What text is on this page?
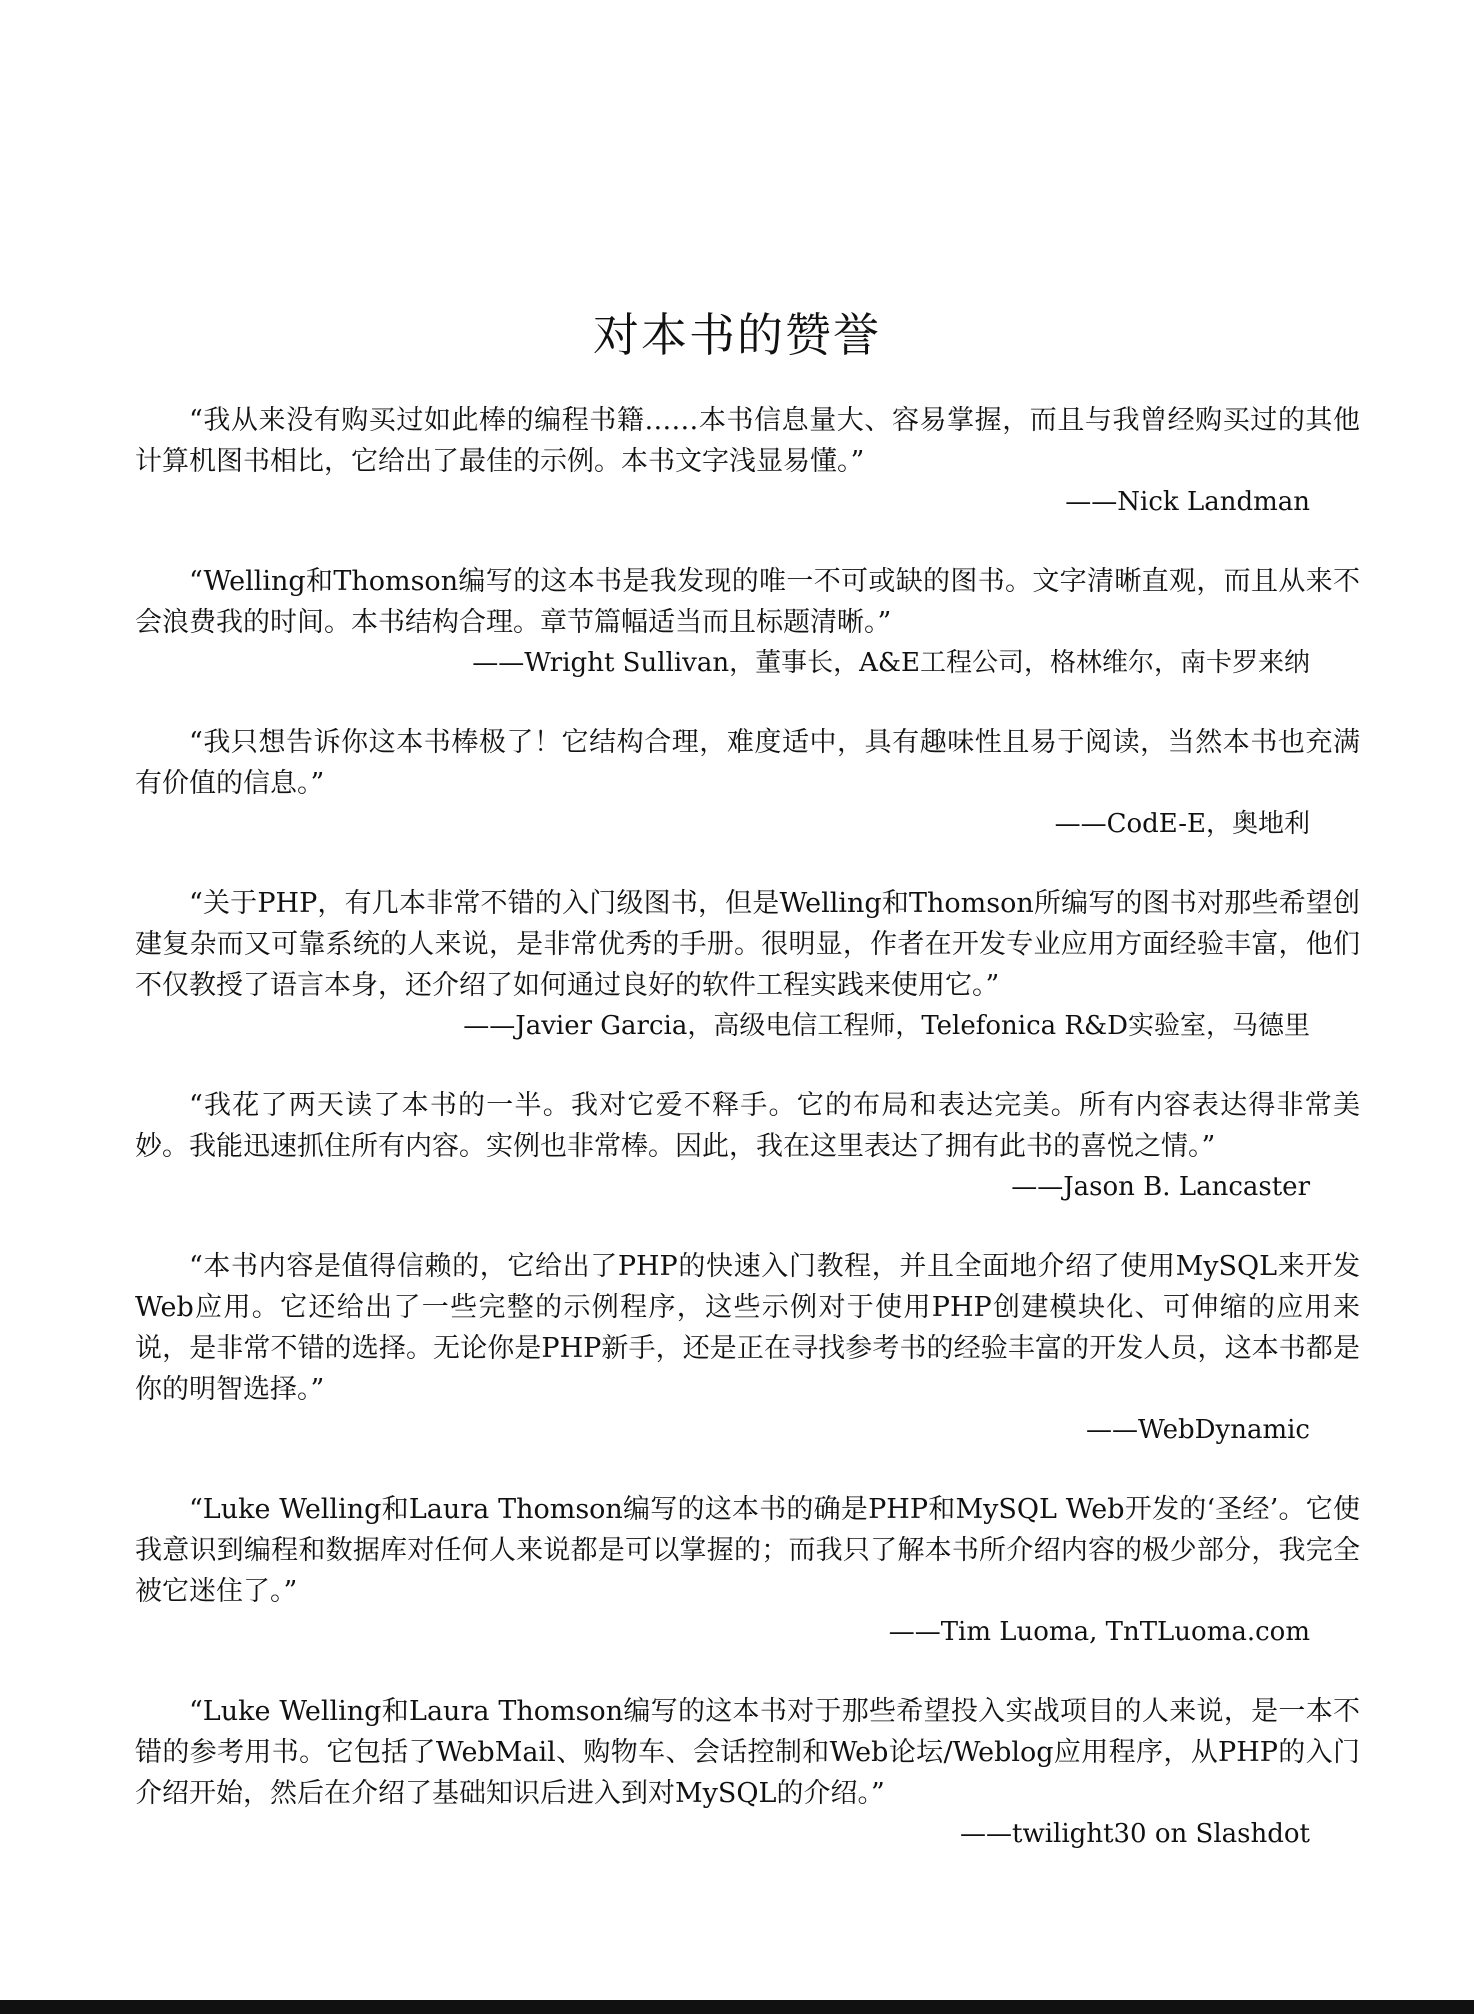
对本书的赞誉

“我从来没有购买过如此棒的编程书籍……本书信息量大、容易掌握，而且与我曾经购买过的其他计算机图书相比，它给出了最佳的示例。本书文字浅显易懂。”

——Nick Landman

“Welling和Thomson编写的这本书是我发现的唯一不可或缺的图书。文字清晰直观，而且从来不会浪费我的时间。本书结构合理。章节篇幅适当而且标题清晰。”

——Wright Sullivan，董事长，A&E工程公司，格林维尔，南卡罗来纳

“我只想告诉你这本书棒极了！它结构合理，难度适中，具有趣味性且易于阅读，当然本书也充满有价值的信息。”

——CodE-E，奥地利

“关于PHP，有几本非常不错的入门级图书，但是Welling和Thomson所编写的图书对那些希望创建复杂而又可靠系统的人来说，是非常优秀的手册。很明显，作者在开发专业应用方面经验丰富，他们不仅教授了语言本身，还介绍了如何通过良好的软件工程实践来使用它。”

——Javier Garcia，高级电信工程师，Telefonica R&D实验室，马德里

“我花了两天读了本书的一半。我对它爱不释手。它的布局和表达完美。所有内容表达得非常美妙。我能迅速抓住所有内容。实例也非常棒。因此，我在这里表达了拥有此书的喜悦之情。”

——Jason B. Lancaster

“本书内容是值得信赖的，它给出了PHP的快速入门教程，并且全面地介绍了使用MySQL来开发Web应用。它还给出了一些完整的示例程序，这些示例对于使用PHP创建模块化、可伸缩的应用来说，是非常不错的选择。无论你是PHP新手，还是正在寻找参考书的经验丰富的开发人员，这本书都是你的明智选择。”

——WebDynamic

“Luke Welling和Laura Thomson编写的这本书的确是PHP和MySQL Web开发的‘圣经’。它使我意识到编程和数据库对任何人来说都是可以掌握的；而我只了解本书所介绍内容的极少部分，我完全被它迷住了。”

——Tim Luoma, TnTLuoma.com

“Luke Welling和Laura Thomson编写的这本书对于那些希望投入实战项目的人来说，是一本不错的参考用书。它包括了WebMail、购物车、会话控制和Web论坛/Weblog应用程序，从PHP的入门介绍开始，然后在介绍了基础知识后进入到对MySQL的介绍。”

——twilight30 on Slashdot
